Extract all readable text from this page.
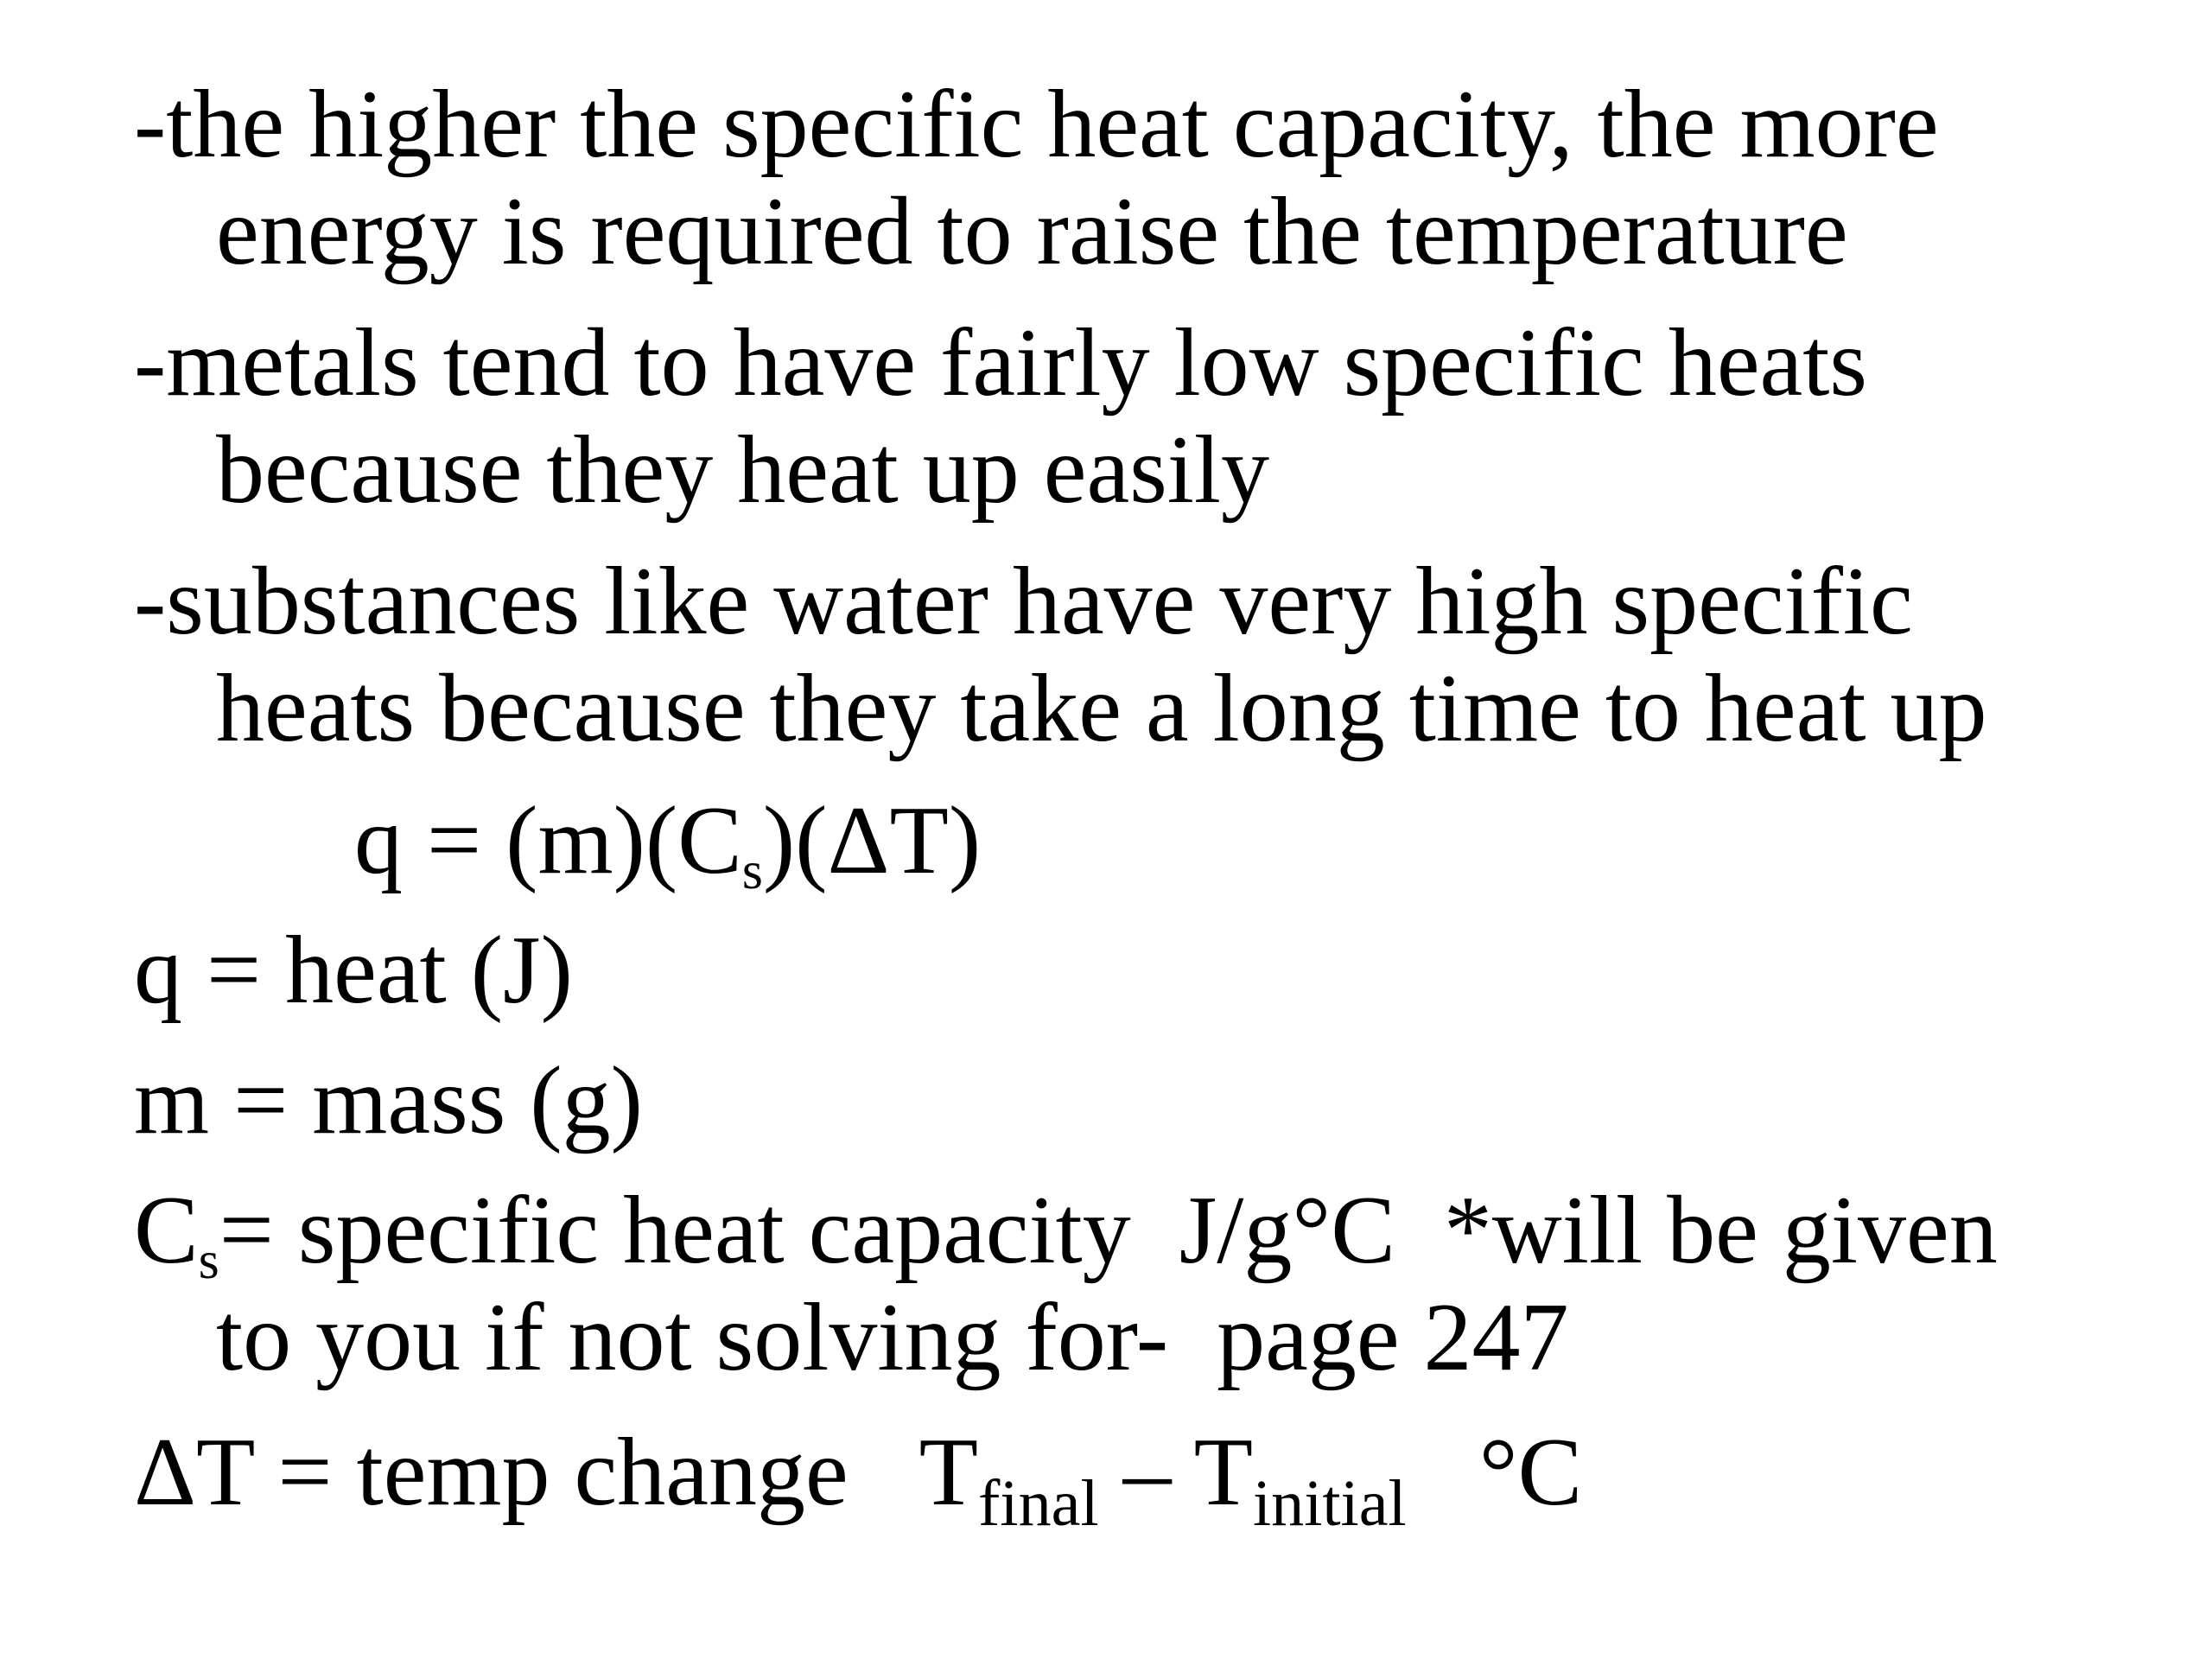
-the higher the specific heat capacity, the more
energy is required to raise the temperature
-metals tend to have fairly low specific heats
because they heat up easily
-substances like water have very high specific
heats because they take a long time to heat up
q = (m)(Cs)(ΔT)
q = heat (J)
m = mass (g)
Cs= specific heat capacity  J/g°C  *will be given
to you if not solving for-  page 247
ΔT = temp change   $T_{final} - T_{initial}$   °C
